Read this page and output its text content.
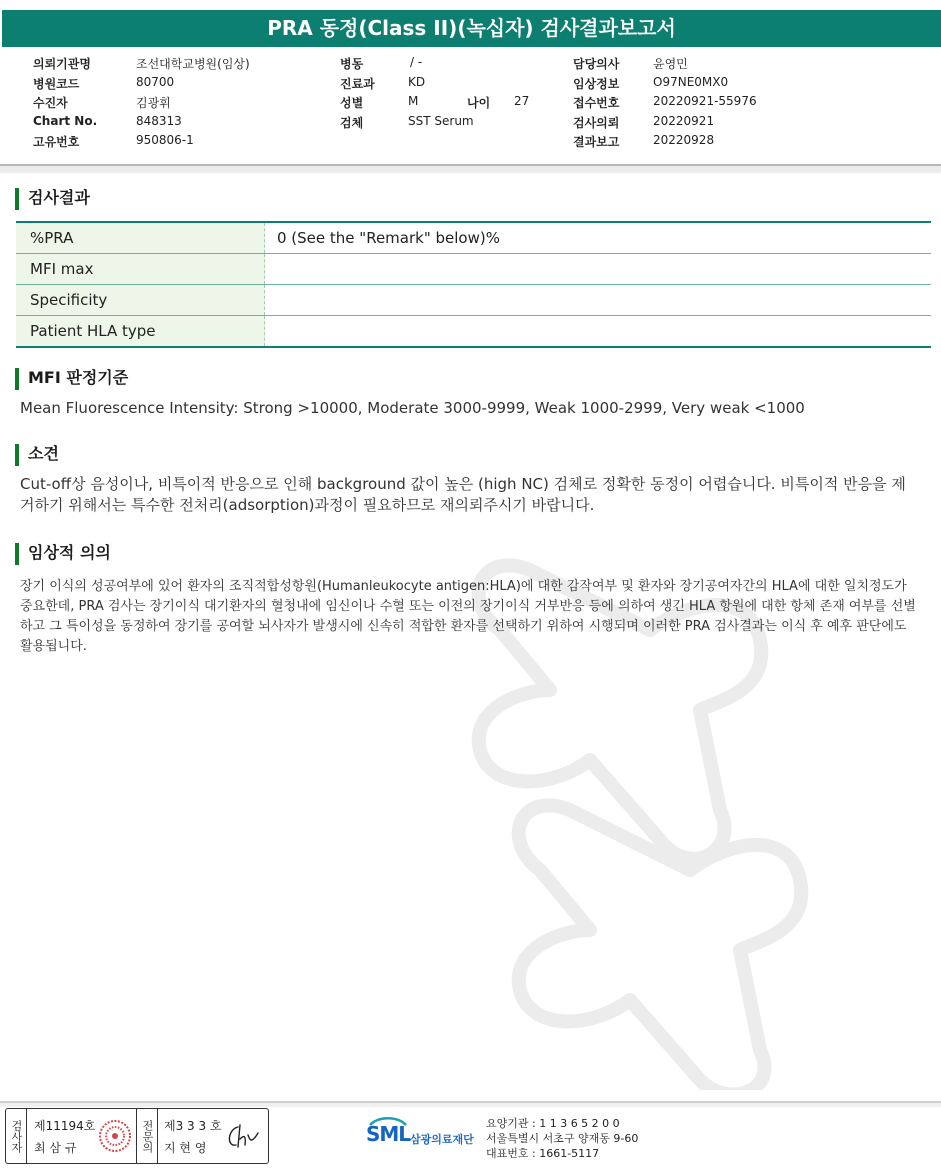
PRA 동정(Class II)(녹십자) 검사결과보고서
의뢰기관명	조선대학교병원(임상)
병원코드	80700
수진자	김광휘
Chart No.	848313
고유번호	950806-1
병동	/ -
진료과	KD
성별	M	나이 27
검체	SST Serum
담당의사	윤영민
임상정보	O97NE0MX0
접수번호	20220921-55976
검사의뢰	20220921
결과보고	20220928
검사결과
%PRA	0 (See the "Remark" below)%
MFI max	
Specificity	
Patient HLA type	
MFI 판정기준
Mean Fluorescence Intensity: Strong >10000, Moderate 3000-9999, Weak 1000-2999, Very weak <1000
소견
Cut-off상 음성이나, 비특이적 반응으로 인해 background 값이 높은 (high NC) 검체로 정확한 동정이 어렵습니다. 비특이적 반응을 제거하기 위해서는 특수한 전처리(adsorption)과정이 필요하므로 재의뢰주시기 바랍니다.
임상적 의의
장기 이식의 성공여부에 있어 환자의 조직적합성항원(Humanleukocyte antigen:HLA)에 대한 감작여부 및 환자와 장기공여자간의 HLA에 대한 일치정도가 중요한데, PRA 검사는 장기이식 대기환자의 혈청내에 임신이나 수혈 또는 이전의 장기이식 거부반응 등에 의하여 생긴 HLA 항원에 대한 항체 존재 여부를 선별하고 그 특이성을 동정하여 장기를 공여할 뇌사자가 발생시에 신속히 적합한 환자를 선택하기 위하여 시행되며 이러한 PRA 검사결과는 이식 후 예후 판단에도 활용됩니다.
검사자 제11194호
최 삼 규	전문의 제3 3 3 호
지 현 영
SML 삼광의료재단
요양기관 : 1 1 3 6 5 2 0 0
서울특별시 서초구 양재동 9-60
대표번호 : 1661-5117
